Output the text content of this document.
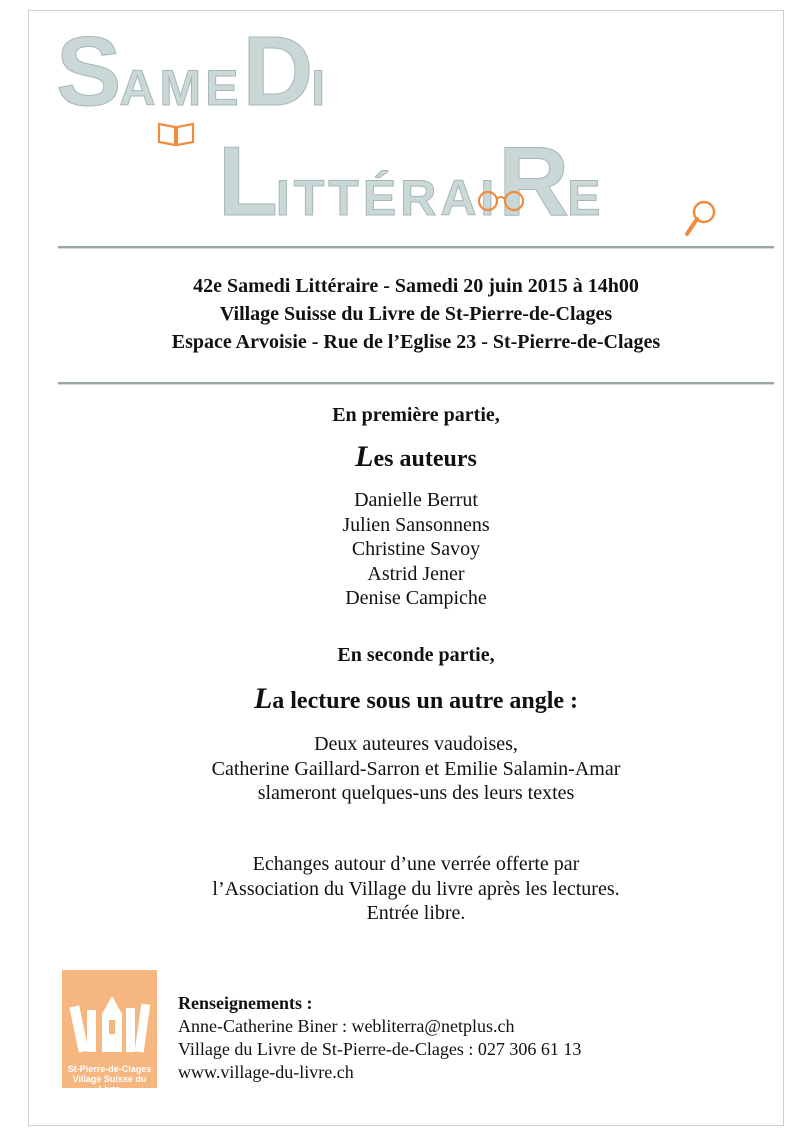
SAMEDI
LITTÉRAIRE
42e Samedi Littéraire - Samedi 20 juin 2015 à 14h00
Village Suisse du Livre de St-Pierre-de-Clages
Espace Arvoisie - Rue de l’Eglise 23 - St-Pierre-de-Clages
En première partie,
Les auteurs
Danielle Berrut
Julien Sansonnens
Christine Savoy
Astrid Jener
Denise Campiche
En seconde partie,
La lecture sous un autre angle :
Deux auteures vaudoises,
Catherine Gaillard-Sarron et Emilie Salamin-Amar
slameront quelques-uns des leurs textes
Echanges autour d’une verrée offerte par
l’Association du Village du livre après les lectures.
Entrée libre.
St-Pierre-de-Clages
Village Suisse du Livre
Renseignements :
Anne-Catherine Biner : webliterra@netplus.ch
Village du Livre de St-Pierre-de-Clages : 027 306 61 13
www.village-du-livre.ch
